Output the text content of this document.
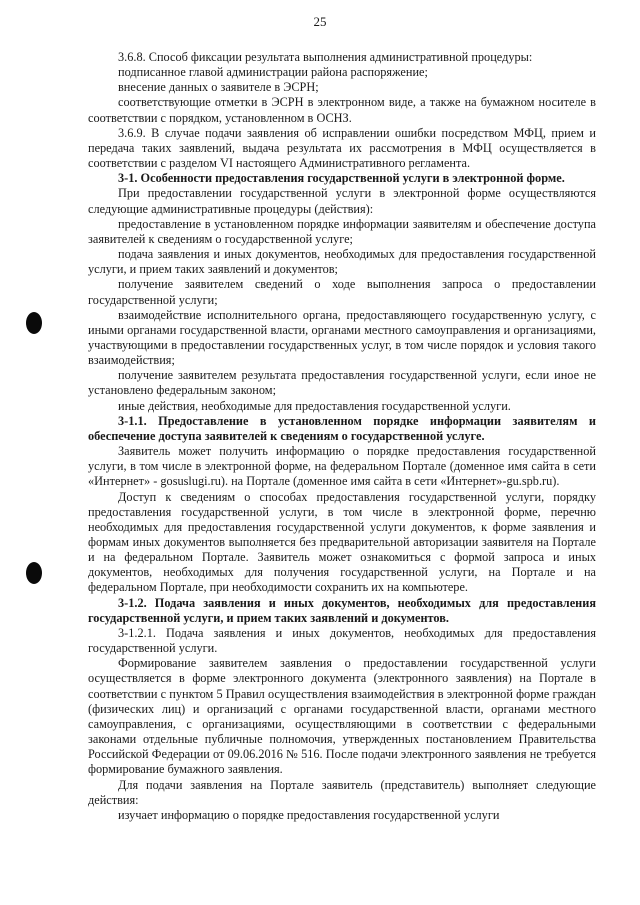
25

3.6.8. Способ фиксации результата выполнения административной процедуры:

подписанное главой администрации района распоряжение;

внесение данных о заявителе в ЭСРН;

соответствующие отметки в ЭСРН в электронном виде, а также на бумажном носителе в соответствии с порядком, установленном в ОСНЗ.

3.6.9. В случае подачи заявления об исправлении ошибки посредством МФЦ, прием и передача таких заявлений, выдача результата их рассмотрения в МФЦ осуществляется в соответствии с разделом VI настоящего Административного регламента.

3-1. Особенности предоставления государственной услуги в электронной форме.

При предоставлении государственной услуги в электронной форме осуществляются следующие административные процедуры (действия):

предоставление в установленном порядке информации заявителям и обеспечение доступа заявителей к сведениям о государственной услуге;

подача заявления и иных документов, необходимых для предоставления государственной услуги, и прием таких заявлений и документов;

получение заявителем сведений о ходе выполнения запроса о предоставлении государственной услуги;

взаимодействие исполнительного органа, предоставляющего государственную услугу, с иными органами государственной власти, органами местного самоуправления и организациями, участвующими в предоставлении государственных услуг, в том числе порядок и условия такого взаимодействия;

получение заявителем результата предоставления государственной услуги, если иное не установлено федеральным законом;

иные действия, необходимые для предоставления государственной услуги.

3-1.1. Предоставление в установленном порядке информации заявителям и обеспечение доступа заявителей к сведениям о государственной услуге.

Заявитель может получить информацию о порядке предоставления государственной услуги, в том числе в электронной форме, на федеральном Портале (доменное имя сайта в сети «Интернет» - gosuslugi.ru). на Портале (доменное имя сайта в сети «Интернет»-gu.spb.ru).

Доступ к сведениям о способах предоставления государственной услуги, порядку предоставления государственной услуги, в том числе в электронной форме, перечню необходимых для предоставления государственной услуги документов, к форме заявления и формам иных документов выполняется без предварительной авторизации заявителя на Портале и на федеральном Портале. Заявитель может ознакомиться с формой запроса и иных документов, необходимых для получения государственной услуги, на Портале и на федеральном Портале, при необходимости сохранить их на компьютере.

3-1.2. Подача заявления и иных документов, необходимых для предоставления государственной услуги, и прием таких заявлений и документов.

3-1.2.1. Подача заявления и иных документов, необходимых для предоставления государственной услуги.

Формирование заявителем заявления о предоставлении государственной услуги осуществляется в форме электронного документа (электронного заявления) на Портале в соответствии с пунктом 5 Правил осуществления взаимодействия в электронной форме граждан (физических лиц) и организаций с органами государственной власти, органами местного самоуправления, с организациями, осуществляющими в соответствии с федеральными законами отдельные публичные полномочия, утвержденных постановлением Правительства Российской Федерации от 09.06.2016 № 516. После подачи электронного заявления не требуется формирование бумажного заявления.

Для подачи заявления на Портале заявитель (представитель) выполняет следующие действия:

изучает информацию о порядке предоставления государственной услуги
